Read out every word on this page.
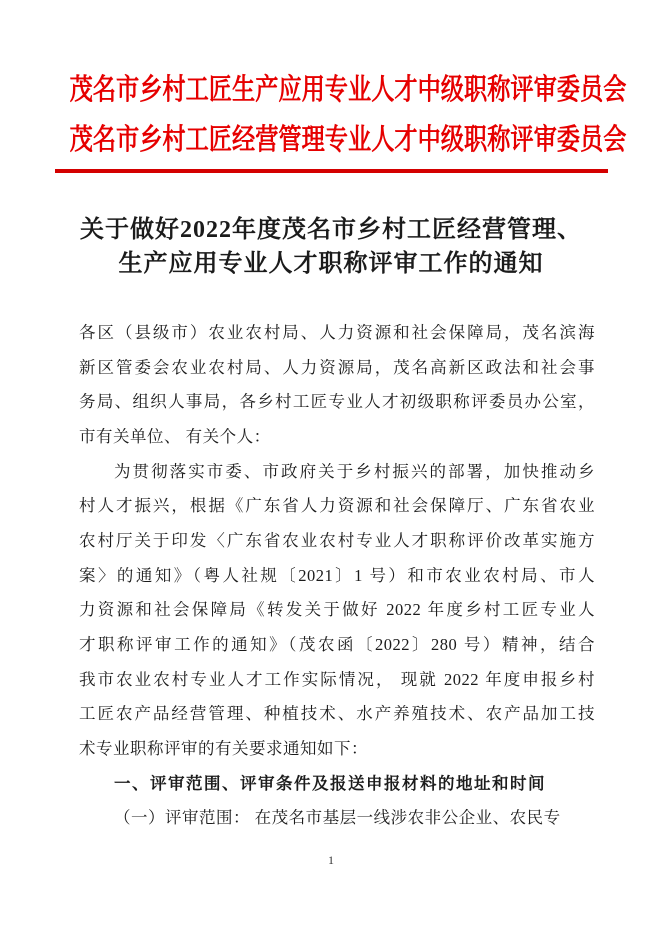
茂名市乡村工匠生产应用专业人才中级职称评审委员会
茂名市乡村工匠经营管理专业人才中级职称评审委员会
关于做好2022年度茂名市乡村工匠经营管理、
生产应用专业人才职称评审工作的通知
各区（县级市）农业农村局、人力资源和社会保障局，茂名滨海
新区管委会农业农村局、人力资源局，茂名高新区政法和社会事
务局、组织人事局，各乡村工匠专业人才初级职称评委员办公室，
市有关单位、 有关个人：
为贯彻落实市委、市政府关于乡村振兴的部署，加快推动乡
村人才振兴，根据《广东省人力资源和社会保障厅、广东省农业
农村厅关于印发〈广东省农业农村专业人才职称评价改革实施方
案〉的通知》（粤人社规〔2021〕1 号）和市农业农村局、市人
力资源和社会保障局《转发关于做好 2022 年度乡村工匠专业人
才职称评审工作的通知》（茂农函〔2022〕280 号）精神，结合
我市农业农村专业人才工作实际情况， 现就 2022 年度申报乡村
工匠农产品经营管理、种植技术、水产养殖技术、农产品加工技
术专业职称评审的有关要求通知如下：
一、评审范围、评审条件及报送申报材料的地址和时间
（一）评审范围： 在茂名市基层一线涉农非公企业、农民专
1
